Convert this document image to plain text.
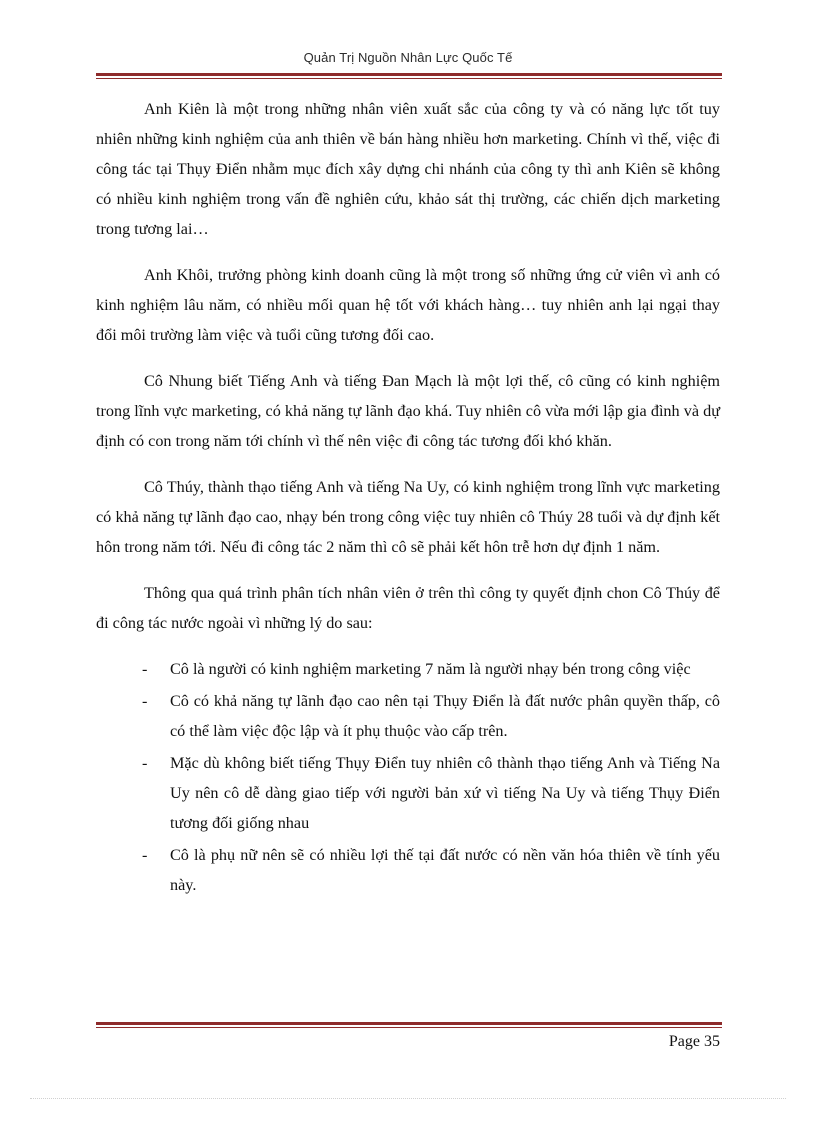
Quản Trị Nguồn Nhân Lực Quốc Tế

Anh Kiên là một trong những nhân viên xuất sắc của công ty và có năng lực tốt tuy nhiên những kinh nghiệm của anh thiên về bán hàng nhiều hơn marketing. Chính vì thế, việc đi công tác tại Thụy Điển nhằm mục đích xây dựng chi nhánh của công ty thì anh Kiên sẽ không có nhiều kinh nghiệm trong vấn đề nghiên cứu, khảo sát thị trường, các chiến dịch marketing trong tương lai…

Anh Khôi, trưởng phòng kinh doanh cũng là một trong số những ứng cử viên vì anh có kinh nghiệm lâu năm, có nhiều mối quan hệ tốt với khách hàng… tuy nhiên anh lại ngại thay đổi môi trường làm việc và tuổi cũng tương đối cao.

Cô Nhung biết Tiếng Anh và tiếng Đan Mạch là một lợi thế, cô cũng có kinh nghiệm trong lĩnh vực marketing, có khả năng tự lãnh đạo khá. Tuy nhiên cô vừa mới lập gia đình và dự định có con trong năm tới chính vì thế nên việc đi công tác tương đối khó khăn.

Cô Thúy, thành thạo tiếng Anh và tiếng Na Uy, có kinh nghiệm trong lĩnh vực marketing có khả năng tự lãnh đạo cao, nhạy bén trong công việc tuy nhiên cô Thúy 28 tuổi và dự định kết hôn trong năm tới. Nếu đi công tác 2 năm thì cô sẽ phải kết hôn trễ hơn dự định 1 năm.

Thông qua quá trình phân tích nhân viên ở trên thì công ty quyết định chon Cô Thúy để đi công tác nước ngoài vì những lý do sau:

- Cô là người có kinh nghiệm marketing 7 năm là người nhạy bén trong công việc
- Cô có khả năng tự lãnh đạo cao nên tại Thụy Điển là đất nước phân quyền thấp, cô có thể làm việc độc lập và ít phụ thuộc vào cấp trên.
- Mặc dù không biết tiếng Thụy Điển tuy nhiên cô thành thạo tiếng Anh và Tiếng Na Uy nên cô dễ dàng giao tiếp với người bản xứ vì tiếng Na Uy và tiếng Thụy Điển tương đối giống nhau
- Cô là phụ nữ nên sẽ có nhiều lợi thế tại đất nước có nền văn hóa thiên về tính yếu này.
Page 35
